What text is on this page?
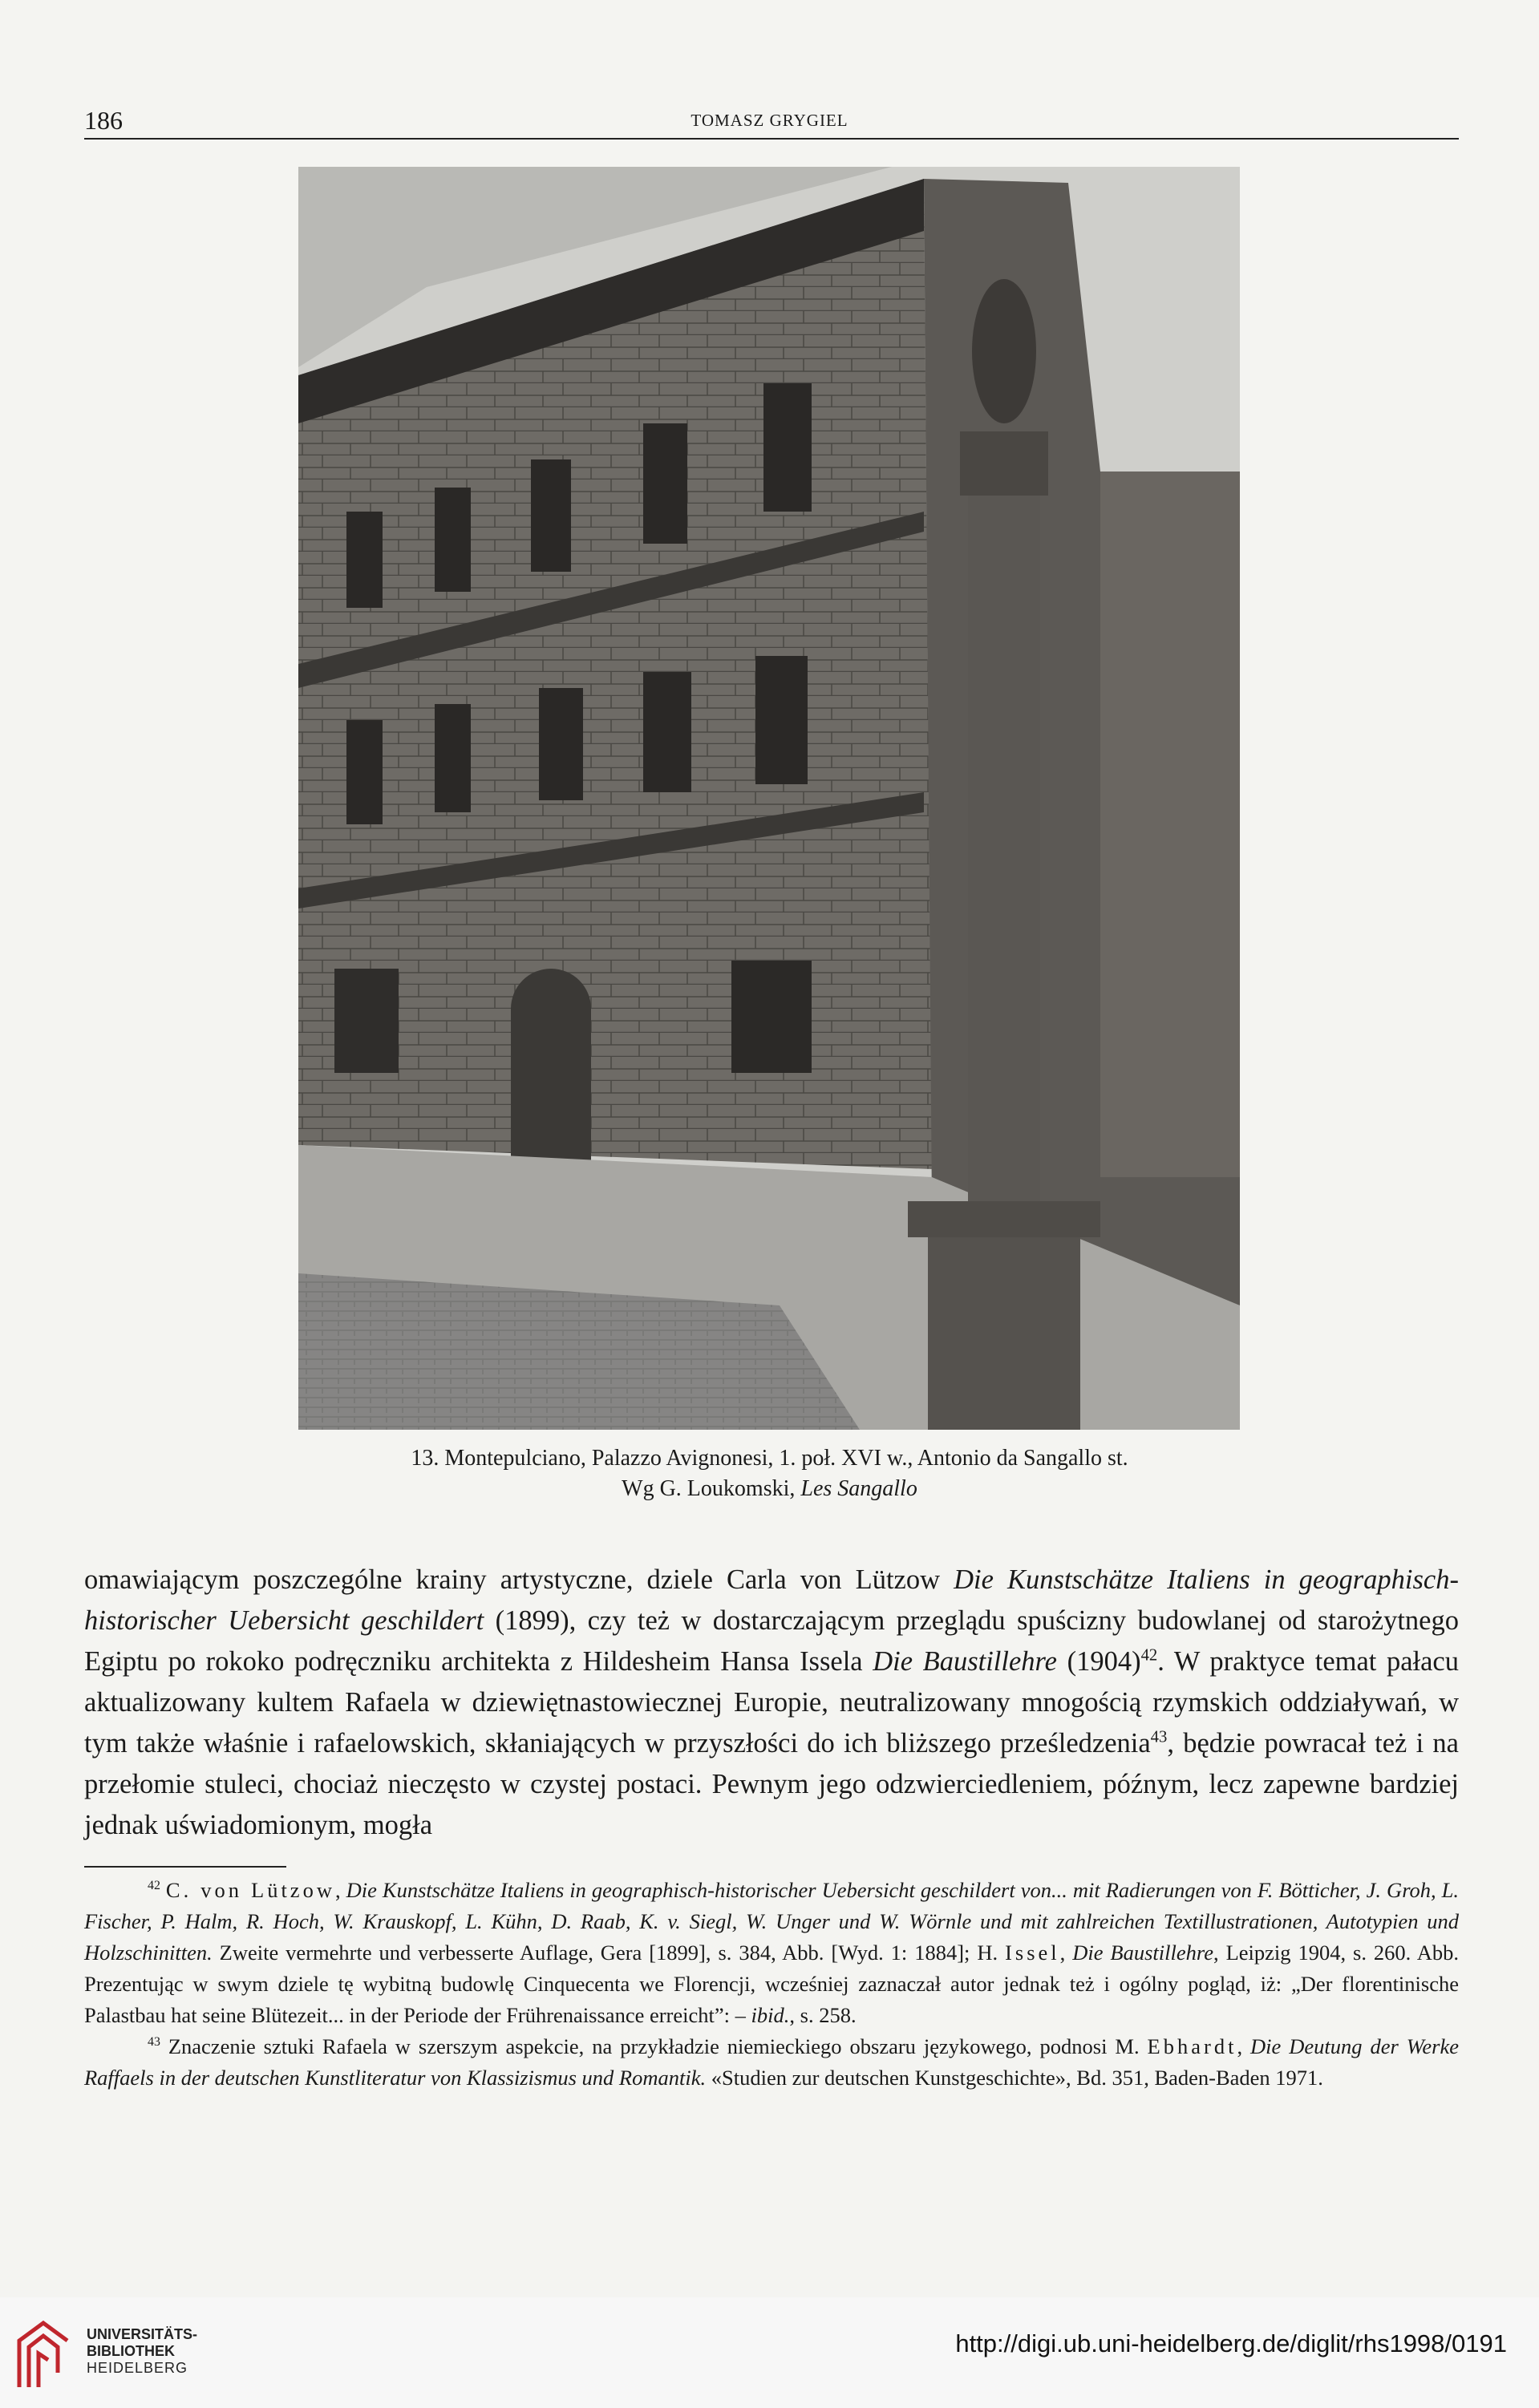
186	TOMASZ GRYGIEL
13. Montepulciano, Palazzo Avignonesi, 1. poł. XVI w., Antonio da Sangallo st.
Wg G. Loukomski, Les Sangallo

omawiającym poszczególne krainy artystyczne, dziele Carla von Lützow Die Kunstschätze Italiens in geographisch-historischer Uebersicht geschildert (1899), czy też w dostarczającym przeglądu spuścizny budowlanej od starożytnego Egiptu po rokoko podręczniku architekta z Hildesheim Hansa Issela Die Baustillehre $(1904)^{42}$. W praktyce temat pałacu aktualizowany kultem Rafaela w dziewiętnastowiecznej Europie, neutralizowany mnogością rzymskich oddziaływań, w tym także właśnie i rafaelowskich, skłaniających w przyszłości do ich bliższego prześledzenia$^{43}$, będzie powracał też i na przełomie stuleci, chociaż nieczęsto w czystej postaci. Pewnym jego odzwierciedleniem, późnym, lecz zapewne bardziej jednak uświadomionym, mogła

$^{42}$ C. von Lützow, Die Kunstschätze Italiens in geographisch-historischer Uebersicht geschildert von... mit Radierungen von F. Bötticher, J. Groh, L. Fischer, P. Halm, R. Hoch, W. Krauskopf, L. Kühn, D. Raab, K. v. Siegl, W. Unger und W. Wörnle und mit zahlreichen Textillustrationen, Autotypien und Holzschinitten. Zweite vermehrte und verbesserte Auflage, Gera [1899], s. 384, Abb. [Wyd. 1: 1884]; H. Issel, Die Baustillehre, Leipzig 1904, s. 260. Abb. Prezentując w swym dziele tę wybitną budowlę Cinquecenta we Florencji, wcześniej zaznaczał autor jednak też i ogólny pogląd, iż: „Der florentinische Palastbau hat seine Blütezeit... in der Periode der Frührenaissance erreicht”: – ibid., s. 258.

$^{43}$ Znaczenie sztuki Rafaela w szerszym aspekcie, na przykładzie niemieckiego obszaru językowego, podnosi M. Ebhardt, Die Deutung der Werke Raffaels in der deutschen Kunstliteratur von Klassizismus und Romantik. «Studien zur deutschen Kunstgeschichte», Bd. 351, Baden-Baden 1971.

UNIVERSITÄTS-
BIBLIOTHEK
HEIDELBERG
http://digi.ub.uni-heidelberg.de/diglit/rhs1998/0191
